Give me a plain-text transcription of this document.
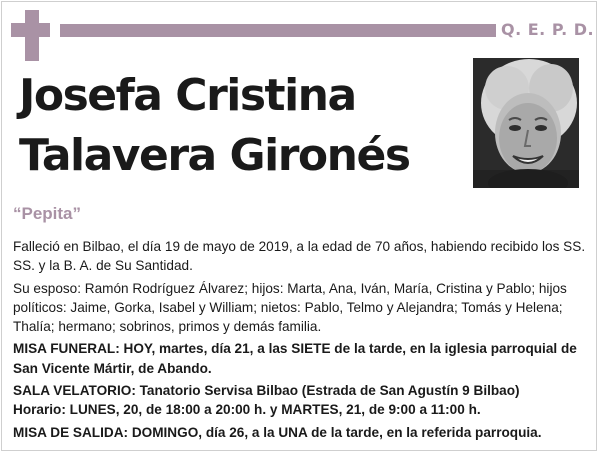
Q. E. P. D.
Josefa Cristina
Talavera Gironés
“Pepita”

Falleció en Bilbao, el día 19 de mayo de 2019, a la edad de 70 años, habiendo recibido los SS. SS. y la B. A. de Su Santidad.

Su esposo: Ramón Rodríguez Álvarez; hijos: Marta, Ana, Iván, María, Cristina y Pablo; hijos políticos: Jaime, Gorka, Isabel y William; nietos: Pablo, Telmo y Alejandra; Tomás y Helena; Thalía; hermano; sobrinos, primos y demás familia.

MISA FUNERAL: HOY, martes, día 21, a las SIETE de la tarde, en la iglesia parroquial de San Vicente Mártir, de Abando.

SALA VELATORIO: Tanatorio Servisa Bilbao (Estrada de San Agustín 9 Bilbao)
Horario: LUNES, 20, de 18:00 a 20:00 h. y MARTES, 21, de 9:00 a 11:00 h.

MISA DE SALIDA: DOMINGO, día 26, a la UNA de la tarde, en la referida parroquia.
